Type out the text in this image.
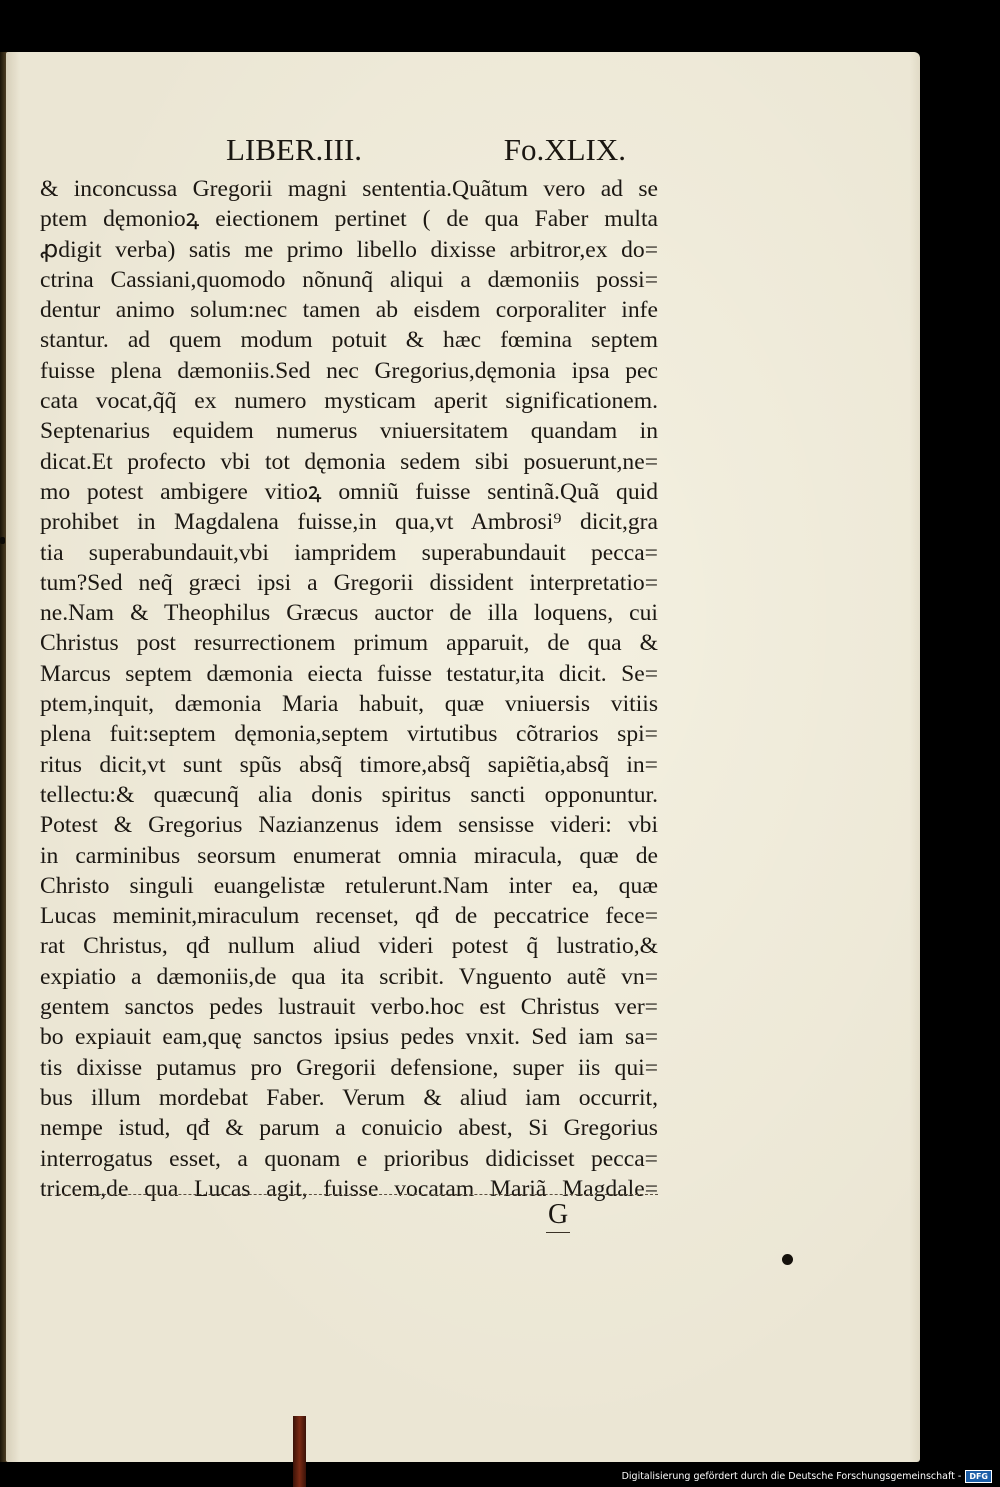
LIBER.III.	Fo.XLIX.
& inconcussa Gregorii magni sententia.Quãtum vero ad se
ptem dęmonioꝝ eiectionem pertinet ( de qua Faber multa
ꝓdigit verba) satis me primo libello dixisse arbitror,ex do=
ctrina Cassiani,quomodo nõnunq̃ aliqui a dæmoniis possi=
dentur animo solum:nec tamen ab eisdem corporaliter infe
stantur. ad quem modum potuit & hæc fœmina septem
fuisse plena dæmoniis.Sed nec Gregorius,dęmonia ipsa pec
cata vocat,q̃q̃ ex numero mysticam aperit significationem.
Septenarius equidem numerus vniuersitatem quandam in
dicat.Et profecto vbi tot dęmonia sedem sibi posuerunt,ne=
mo potest ambigere vitioꝝ omniũ fuisse sentinã.Quã quid
prohibet in Magdalena fuisse,in qua,vt Ambrosi⁹ dicit,gra
tia superabundauit,vbi iampridem superabundauit pecca=
tum?Sed neq̃ græci ipsi a Gregorii dissident interpretatio=
ne.Nam & Theophilus Græcus auctor de illa loquens, cui
Christus post resurrectionem primum apparuit, de qua &
Marcus septem dæmonia eiecta fuisse testatur,ita dicit. Se=
ptem,inquit, dæmonia Maria habuit, quæ vniuersis vitiis
plena fuit:septem dęmonia,septem virtutibus cõtrarios spi=
ritus dicit,vt sunt spũs absq̃ timore,absq̃ sapiẽtia,absq̃ in=
tellectu:& quæcunq̃ alia donis spiritus sancti opponuntur.
Potest & Gregorius Nazianzenus idem sensisse videri: vbi
in carminibus seorsum enumerat omnia miracula, quæ de
Christo singuli euangelistæ retulerunt.Nam inter ea, quæ
Lucas meminit,miraculum recenset, qđ de peccatrice fece=
rat Christus, qđ nullum aliud videri potest q̃ lustratio,&
expiatio a dæmoniis,de qua ita scribit. Vnguento autẽ vn=
gentem sanctos pedes lustrauit verbo.hoc est Christus ver=
bo expiauit eam,quę sanctos ipsius pedes vnxit. Sed iam sa=
tis dixisse putamus pro Gregorii defensione, super iis qui=
bus illum mordebat Faber. Verum & aliud iam occurrit,
nempe istud, qđ & parum a conuicio abest, Si Gregorius
interrogatus esset, a quonam e prioribus didicisset pecca=
tricem,de qua Lucas agit, fuisse vocatam Mariã Magdale=
G
Digitalisierung gefördert durch die Deutsche Forschungsgemeinschaft -	DFG
